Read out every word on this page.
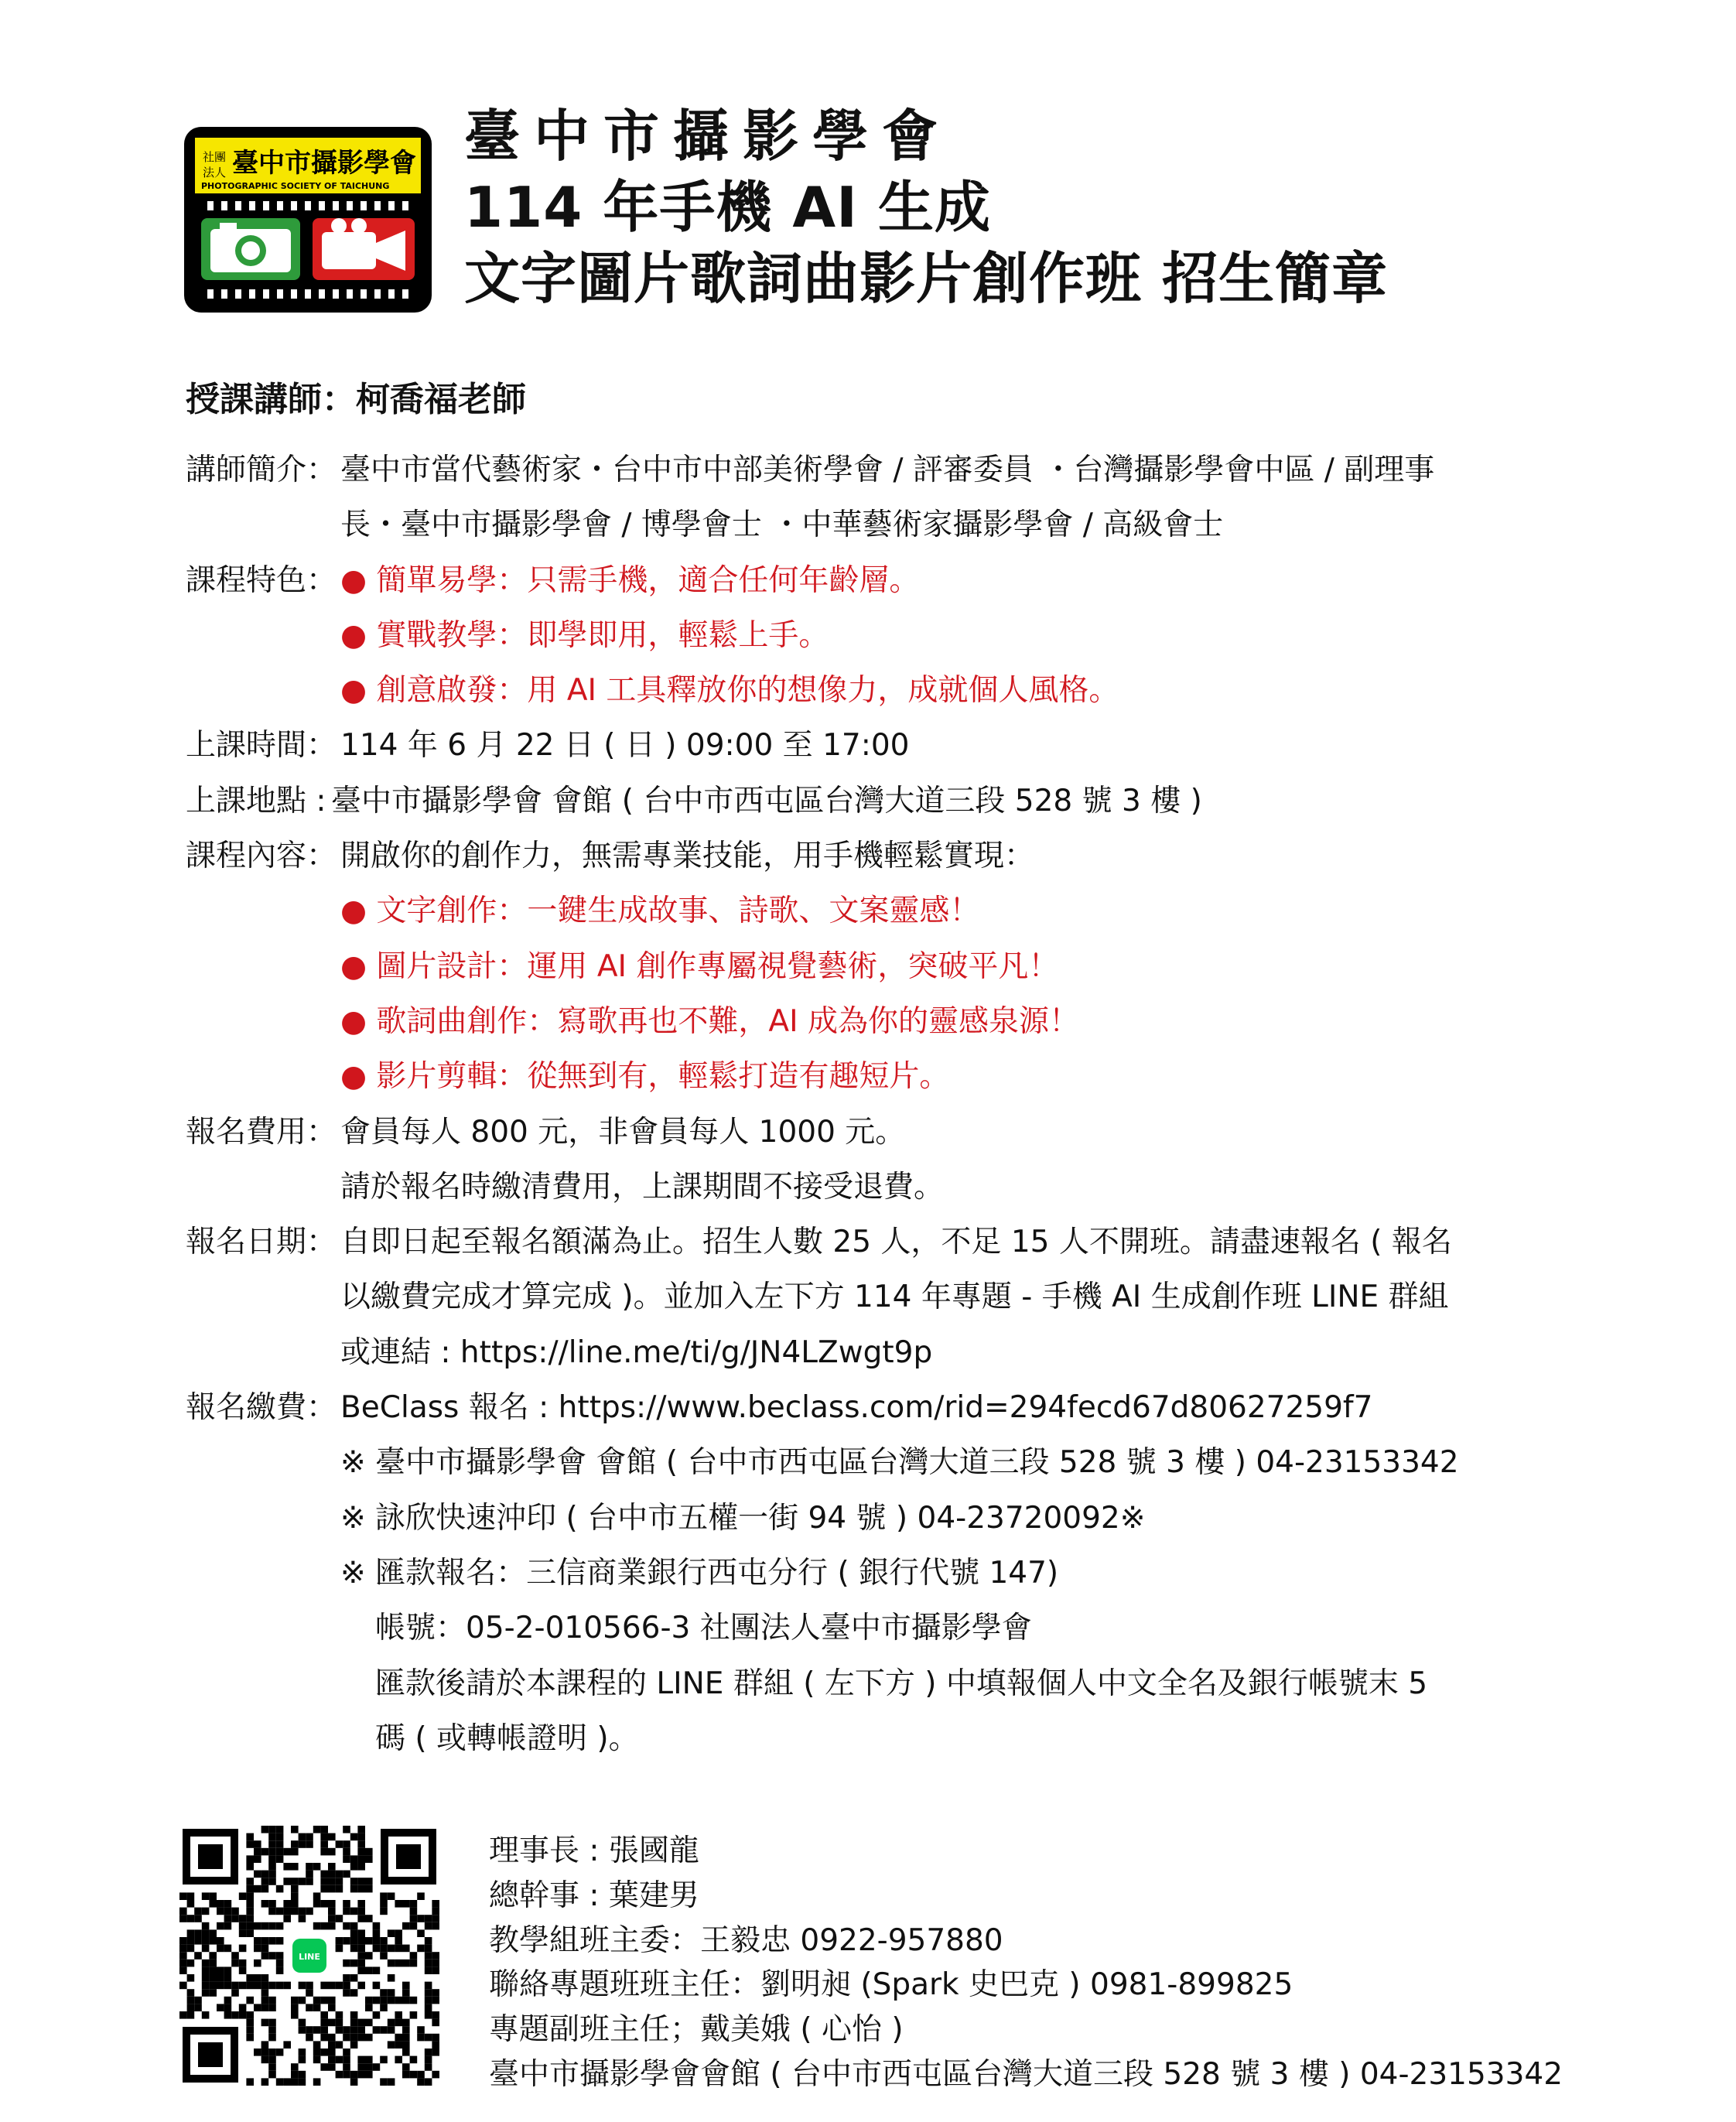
社團
法人 臺中市攝影學會
PHOTOGRAPHIC SOCIETY OF TAICHUNG
臺中市攝影學會
114 年手機 AI 生成
文字圖片歌詞曲影片創作班 招生簡章
授課講師：柯喬福老師
講師簡介： 臺中市當代藝術家・台中市中部美術學會 / 評審委員 ・台灣攝影學會中區 / 副理事
長・臺中市攝影學會 / 博學會士 ・中華藝術家攝影學會 / 高級會士
課程特色： ● 簡單易學：只需手機，適合任何年齡層。
● 實戰教學：即學即用，輕鬆上手。
● 創意啟發：用 AI 工具釋放你的想像力，成就個人風格。
上課時間： 114 年 6 月 22 日 ( 日 ) 09:00 至 17:00
上課地點 : 臺中市攝影學會 會館 ( 台中市西屯區台灣大道三段 528 號 3 樓 )
課程內容： 開啟你的創作力，無需專業技能，用手機輕鬆實現：
● 文字創作：一鍵生成故事、詩歌、文案靈感！
● 圖片設計：運用 AI 創作專屬視覺藝術，突破平凡！
● 歌詞曲創作：寫歌再也不難，AI 成為你的靈感泉源！
● 影片剪輯：從無到有，輕鬆打造有趣短片。
報名費用： 會員每人 800 元，非會員每人 1000 元。
請於報名時繳清費用，上課期間不接受退費。
報名日期： 自即日起至報名額滿為止。招生人數 25 人，不足 15 人不開班。請盡速報名 ( 報名
以繳費完成才算完成 )。並加入左下方 114 年專題 - 手機 AI 生成創作班 LINE 群組
或連結 : https://line.me/ti/g/JN4LZwgt9p
報名繳費： BeClass 報名 : https://www.beclass.com/rid=294fecd67d80627259f7
※ 臺中市攝影學會 會館 ( 台中市西屯區台灣大道三段 528 號 3 樓 ) 04-23153342
※ 詠欣快速沖印 ( 台中市五權一街 94 號 ) 04-23720092※
※ 匯款報名：三信商業銀行西屯分行 ( 銀行代號 147)
帳號：05-2-010566-3 社團法人臺中市攝影學會
匯款後請於本課程的 LINE 群組 ( 左下方 ) 中填報個人中文全名及銀行帳號末 5
碼 ( 或轉帳證明 )。
LINE
理事長 : 張國龍
總幹事 : 葉建男
教學組班主委：王毅忠 0922-957880
聯絡專題班班主任：劉明昶 (Spark 史巴克 ) 0981-899825
專題副班主任；戴美娥 ( 心怡 )
臺中市攝影學會會館 ( 台中市西屯區台灣大道三段 528 號 3 樓 ) 04-23153342
